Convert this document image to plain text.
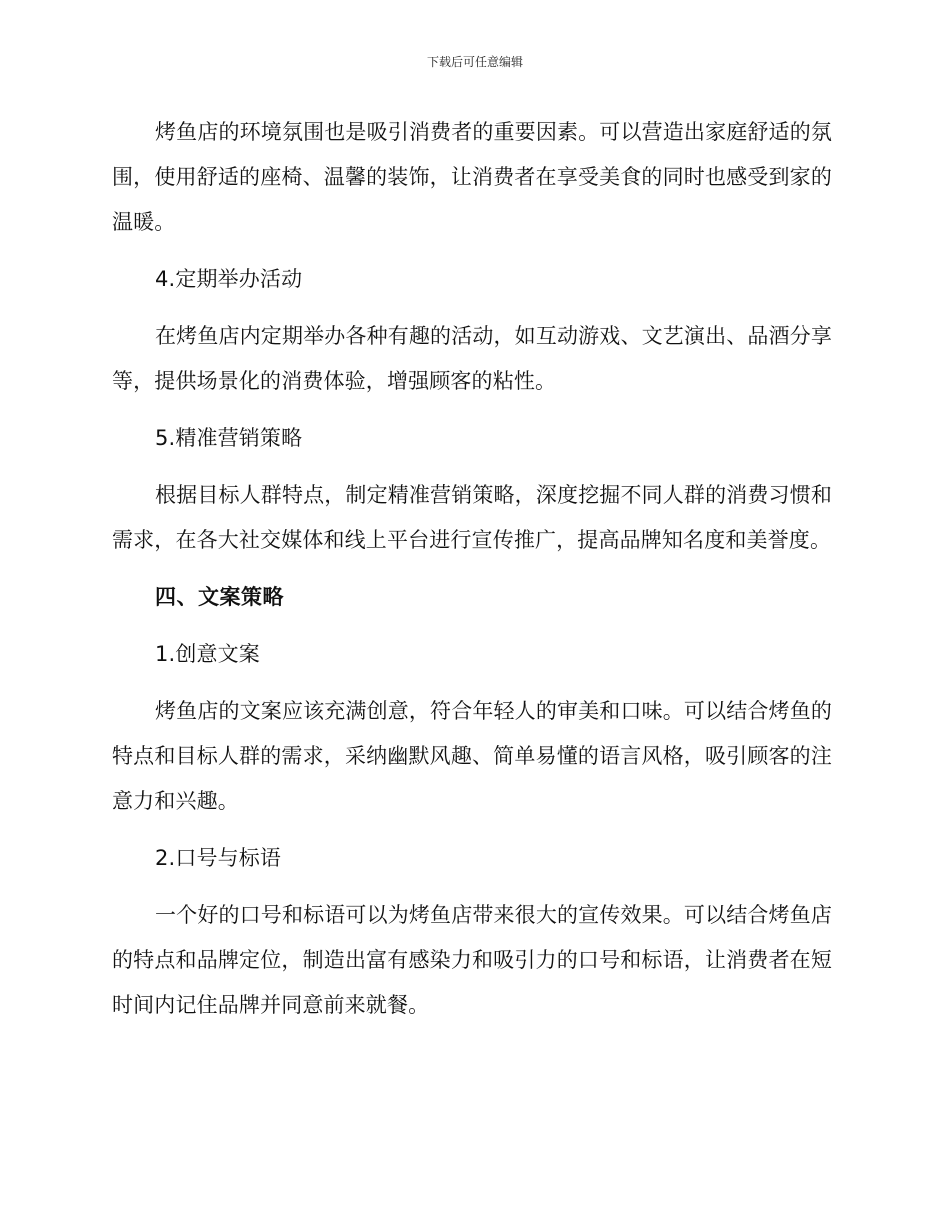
下载后可任意编辑

烤鱼店的环境氛围也是吸引消费者的重要因素。可以营造出家庭舒适的氛围，使用舒适的座椅、温馨的装饰，让消费者在享受美食的同时也感受到家的温暖。

4.定期举办活动

在烤鱼店内定期举办各种有趣的活动，如互动游戏、文艺演出、品酒分享等，提供场景化的消费体验，增强顾客的粘性。

5.精准营销策略

根据目标人群特点，制定精准营销策略，深度挖掘不同人群的消费习惯和需求，在各大社交媒体和线上平台进行宣传推广，提高品牌知名度和美誉度。

四、文案策略

1.创意文案

烤鱼店的文案应该充满创意，符合年轻人的审美和口味。可以结合烤鱼的特点和目标人群的需求，采纳幽默风趣、简单易懂的语言风格，吸引顾客的注意力和兴趣。

2.口号与标语

一个好的口号和标语可以为烤鱼店带来很大的宣传效果。可以结合烤鱼店的特点和品牌定位，制造出富有感染力和吸引力的口号和标语，让消费者在短时间内记住品牌并同意前来就餐。
